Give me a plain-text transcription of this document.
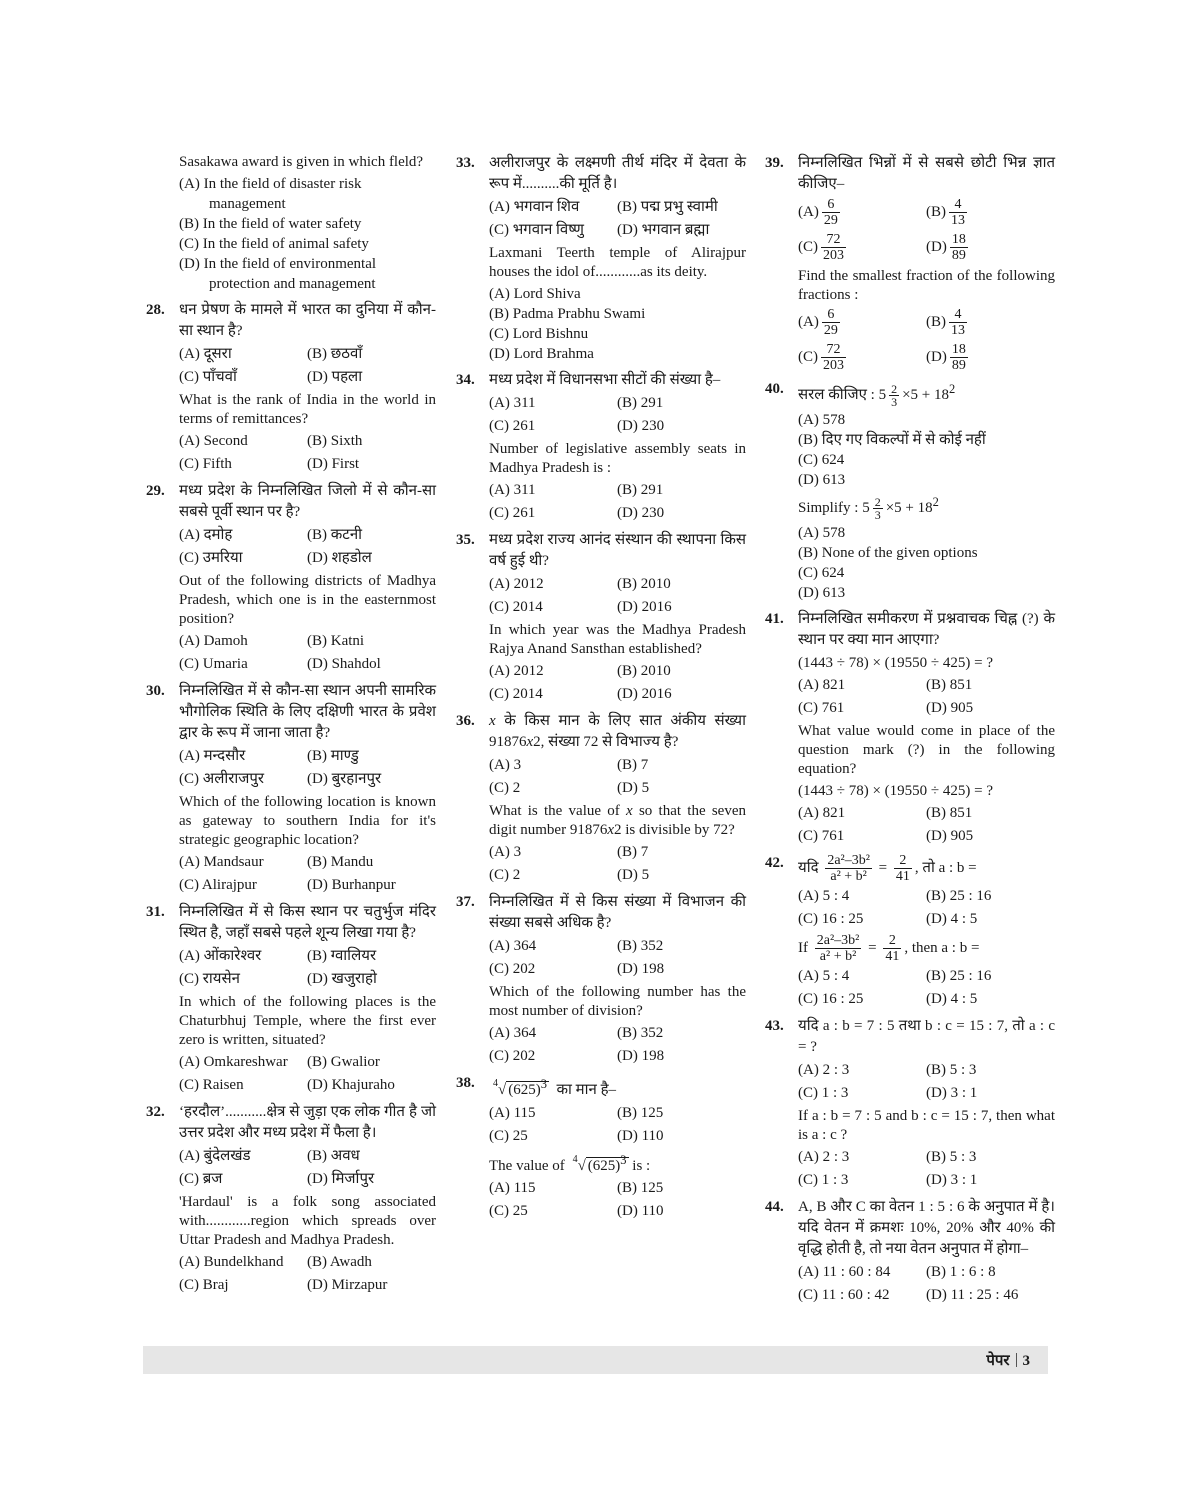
Sasakawa award is given in which fleld?
(A) In the field of disaster risk management
(B) In the field of water safety
(C) In the field of animal safety
(D) In the field of environmental protection and management
28. धन प्रेषण के मामले में भारत का दुनिया में कौन-सा स्थान है?
(A) दूसरा	(B) छठवाँ
(C) पाँचवाँ	(D) पहला
What is the rank of India in the world in terms of remittances?
(A) Second	(B) Sixth
(C) Fifth	(D) First
29. मध्य प्रदेश के निम्नलिखित जिलो में से कौन-सा सबसे पूर्वी स्थान पर है?
(A) दमोह	(B) कटनी
(C) उमरिया	(D) शहडोल
Out of the following districts of Madhya Pradesh, which one is in the easternmost position?
(A) Damoh	(B) Katni
(C) Umaria	(D) Shahdol
30. निम्नलिखित में से कौन-सा स्थान अपनी सामरिक भौगोलिक स्थिति के लिए दक्षिणी भारत के प्रवेश द्वार के रूप में जाना जाता है?
(A) मन्दसौर	(B) माण्डु
(C) अलीराजपुर	(D) बुरहानपुर
Which of the following location is known as gateway to southern India for it's strategic geographic location?
(A) Mandsaur	(B) Mandu
(C) Alirajpur	(D) Burhanpur
31. निम्नलिखित में से किस स्थान पर चतुर्भुज मंदिर स्थित है, जहाँ सबसे पहले शून्य लिखा गया है?
(A) ओंकारेश्वर	(B) ग्वालियर
(C) रायसेन	(D) खजुराहो
In which of the following places is the Chaturbhuj Temple, where the first ever zero is written, situated?
(A) Omkareshwar	(B) Gwalior
(C) Raisen	(D) Khajuraho
32. ‘हरदौल’...........क्षेत्र से जुड़ा एक लोक गीत है जो उत्तर प्रदेश और मध्य प्रदेश में फैला है।
(A) बुंदेलखंड	(B) अवध
(C) ब्रज	(D) मिर्जापुर
'Hardaul' is a folk song associated with............region which spreads over Uttar Pradesh and Madhya Pradesh.
(A) Bundelkhand	(B) Awadh
(C) Braj	(D) Mirzapur
33. अलीराजपुर के लक्ष्मणी तीर्थ मंदिर में देवता के रूप में..........की मूर्ति है।
(A) भगवान शिव	(B) पद्म प्रभु स्वामी
(C) भगवान विष्णु	(D) भगवान ब्रह्मा
Laxmani Teerth temple of Alirajpur houses the idol of............as its deity.
(A) Lord Shiva
(B) Padma Prabhu Swami
(C) Lord Bishnu
(D) Lord Brahma
34. मध्य प्रदेश में विधानसभा सीटों की संख्या है–
(A) 311	(B) 291
(C) 261	(D) 230
Number of legislative assembly seats in Madhya Pradesh is :
(A) 311	(B) 291
(C) 261	(D) 230
35. मध्य प्रदेश राज्य आनंद संस्थान की स्थापना किस वर्ष हुई थी?
(A) 2012	(B) 2010
(C) 2014	(D) 2016
In which year was the Madhya Pradesh Rajya Anand Sansthan established?
(A) 2012	(B) 2010
(C) 2014	(D) 2016
36. x के किस मान के लिए सात अंकीय संख्या 91876x2, संख्या 72 से विभाज्य है?
(A) 3	(B) 7
(C) 2	(D) 5
What is the value of x so that the seven digit number 91876x2 is divisible by 72?
(A) 3	(B) 7
(C) 2	(D) 5
37. निम्नलिखित में से किस संख्या में विभाजन की संख्या सबसे अधिक है?
(A) 364	(B) 352
(C) 202	(D) 198
Which of the following number has the most number of division?
(A) 364	(B) 352
(C) 202	(D) 198
38.	$^4$√ $(625)^3$ का मान है–
(A) 115	(B) 125
(C) 25	(D) 110
The value of $^4$√ $(625)^3$ is :
(A) 115	(B) 125
(C) 25	(D) 110
39. निम्नलिखित भिन्नों में से सबसे छोटी भिन्न ज्ञात कीजिए–
$(A) \frac{6}{29}$	$(B) \frac{4}{13}$
$(C) \frac{72}{203}$	$(D) \frac{18}{89}$
Find the smallest fraction of the following fractions :
$(A) \frac{6}{29}$	$(B) \frac{4}{13}$
$(C) \frac{72}{203}$	$(D) \frac{18}{89}$
40. सरल कीजिए : $5 \frac{2}{3} \times 5 + 18^2$
(A) 578
(B) दिए गए विकल्पों में से कोई नहीं
(C) 624
(D) 613
Simplify : $5 \frac{2}{3} \times 5 + 18^2$
(A) 578
(B) None of the given options
(C) 624
(D) 613
41. निम्नलिखित समीकरण में प्रश्नवाचक चिह्न (?) के स्थान पर क्या मान आएगा?
(1443 ÷ 78) × (19550 ÷ 425) = ?
(A) 821	(B) 851
(C) 761	(D) 905
What value would come in place of the question mark (?) in the following equation?
(1443 ÷ 78) × (19550 ÷ 425) = ?
(A) 821	(B) 851
(C) 761	(D) 905
42. यदि $\frac{\text{2a²–3b²}}{\text{a² + b²}} = \frac{2}{41}$ , तो a : b =
(A) 5 : 4	(B) 25 : 16
(C) 16 : 25	(D) 4 : 5
If $\frac{\text{2a²–3b²}}{\text{a² + b²}} = \frac{2}{41}$ , then a : b =
(A) 5 : 4	(B) 25 : 16
(C) 16 : 25	(D) 4 : 5
43. यदि a : b = 7 : 5 तथा b : c = 15 : 7, तो a : c = ?
(A) 2 : 3	(B) 5 : 3
(C) 1 : 3	(D) 3 : 1
If a : b = 7 : 5 and b : c = 15 : 7, then what is a : c ?
(A) 2 : 3	(B) 5 : 3
(C) 1 : 3	(D) 3 : 1
44. A, B और C का वेतन 1 : 5 : 6 के अनुपात में है। यदि वेतन में क्रमशः 10%, 20% और 40% की वृद्धि होती है, तो नया वेतन अनुपात में होगा–
(A) 11 : 60 : 84	(B) 1 : 6 : 8
(C) 11 : 60 : 42	(D) 11 : 25 : 46
पेपर 3
